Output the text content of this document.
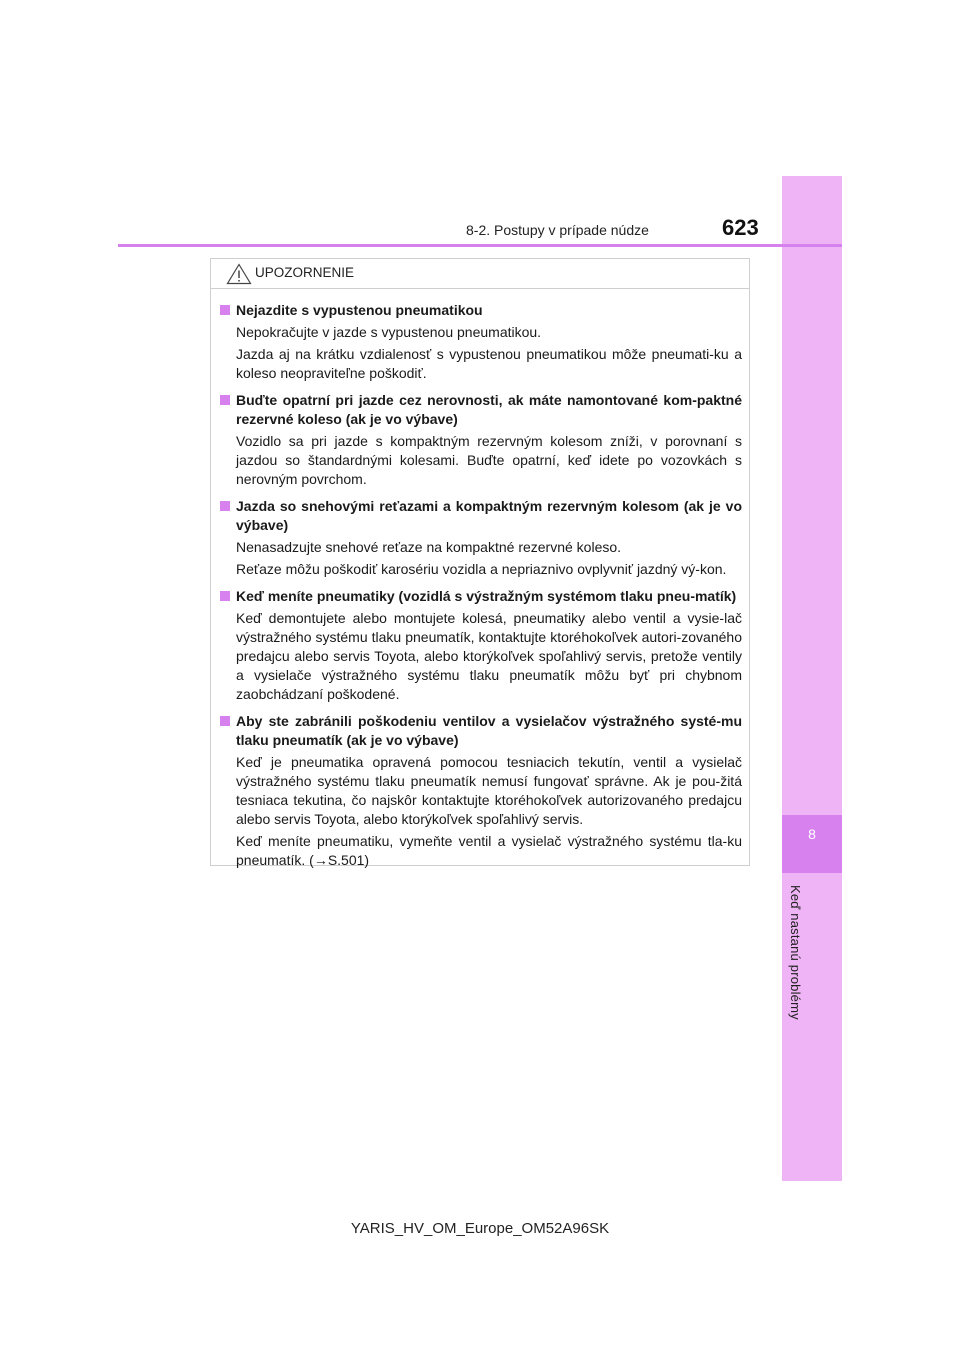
8
Keď nastanú problémy
8-2. Postupy v prípade núdze	623
UPOZORNENIE
Nejazdite s vypustenou pneumatikou
Nepokračujte v jazde s vypustenou pneumatikou.
Jazda aj na krátku vzdialenosť s vypustenou pneumatikou môže pneumati-ku a koleso neopraviteľne poškodiť.
Buďte opatrní pri jazde cez nerovnosti, ak máte namontované kom-paktné rezervné koleso (ak je vo výbave)
Vozidlo sa pri jazde s kompaktným rezervným kolesom zníži, v porovnaní s jazdou so štandardnými kolesami. Buďte opatrní, keď idete po vozovkách s nerovným povrchom.
Jazda so snehovými reťazami a kompaktným rezervným kolesom (ak je vo výbave)
Nenasadzujte snehové reťaze na kompaktné rezervné koleso.
Reťaze môžu poškodiť karosériu vozidla a nepriaznivo ovplyvniť jazdný vý-kon.
Keď meníte pneumatiky (vozidlá s výstražným systémom tlaku pneu-matík)
Keď demontujete alebo montujete kolesá, pneumatiky alebo ventil a vysie-lač výstražného systému tlaku pneumatík, kontaktujte ktoréhokoľvek autori-zovaného predajcu alebo servis Toyota, alebo ktorýkoľvek spoľahlivý servis, pretože ventily a vysielače výstražného systému tlaku pneumatík môžu byť pri chybnom zaobchádzaní poškodené.
Aby ste zabránili poškodeniu ventilov a vysielačov výstražného systé-mu tlaku pneumatík (ak je vo výbave)
Keď je pneumatika opravená pomocou tesniacich tekutín, ventil a vysielač výstražného systému tlaku pneumatík nemusí fungovať správne. Ak je pou-žitá tesniaca tekutina, čo najskôr kontaktujte ktoréhokoľvek autorizovaného predajcu alebo servis Toyota, alebo ktorýkoľvek spoľahlivý servis.
Keď meníte pneumatiku, vymeňte ventil a vysielač výstražného systému tla-ku pneumatík. (→S.501)
YARIS_HV_OM_Europe_OM52A96SK
